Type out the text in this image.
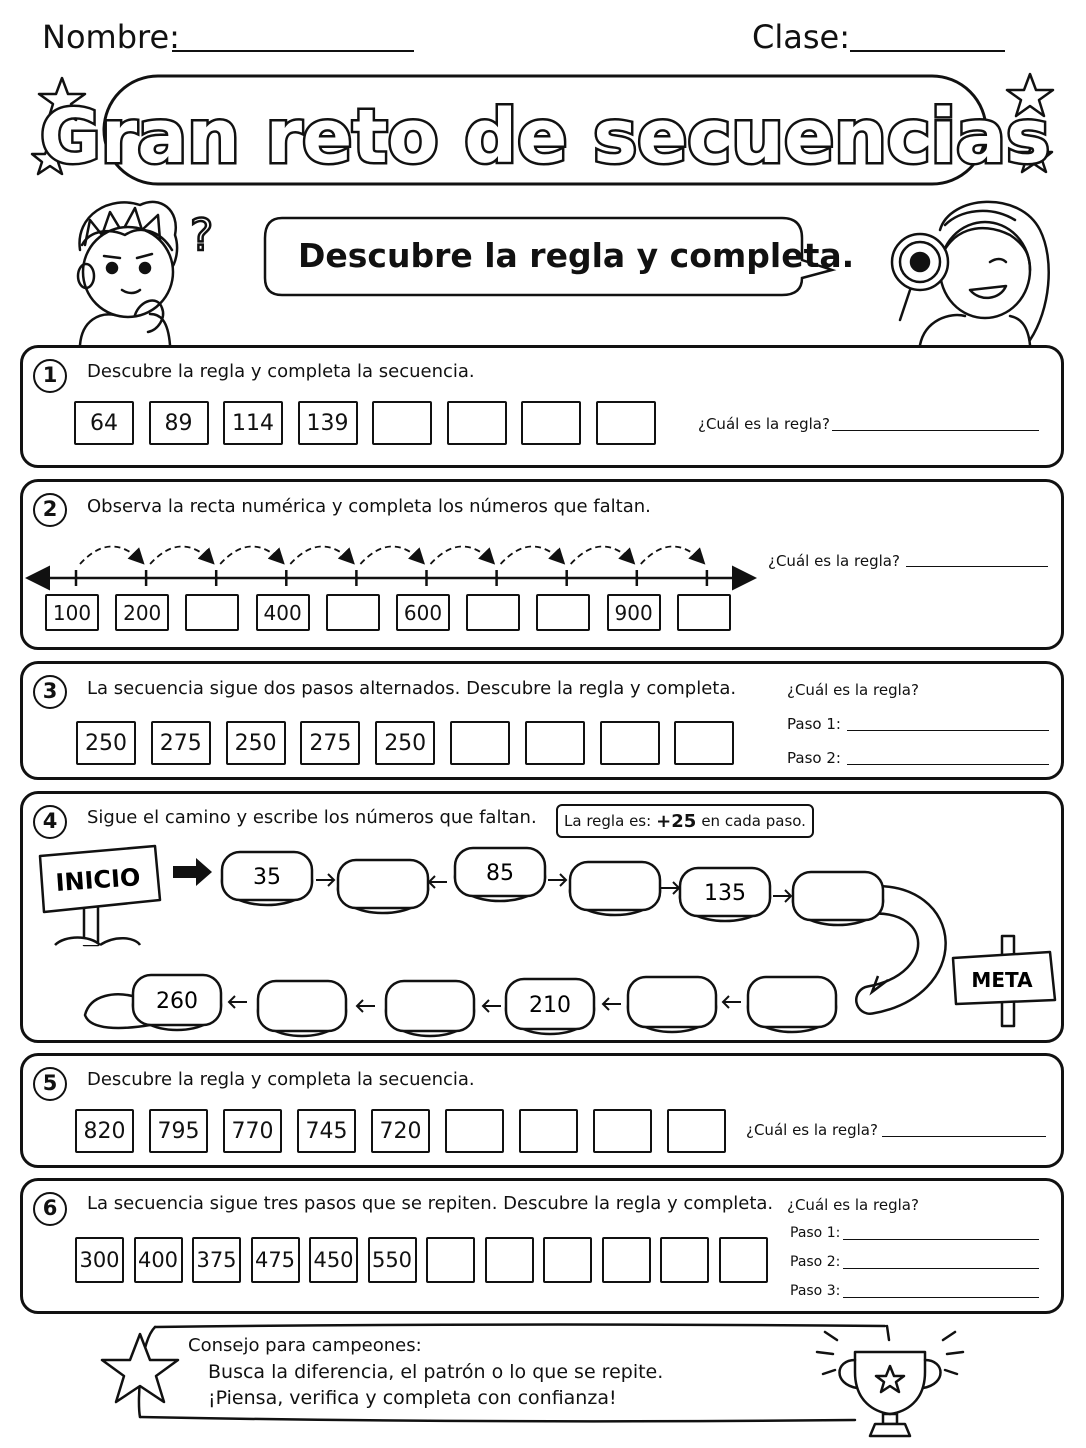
Nombre:	Clase:
Gran reto de secuencias
?	Descubre la regla y completa.
1	Descubre la regla y completa la secuencia.
64	89	114	139	¿Cuál es la regla?
2	Observa la recta numérica y completa los números que faltan.
100	200	400	600	900
¿Cuál es la regla?
3	La secuencia sigue dos pasos alternados. Descubre la regla y completa.
250	275	250	275	250
¿Cuál es la regla?
Paso 1:
Paso 2:
4	Sigue el camino y escribe los números que faltan. La regla es: +25 en cada paso.
INICIO
META
35	85
135
260	210
5	Descubre la regla y completa la secuencia.
820	795	770	745	720	¿Cuál es la regla?
6	La secuencia sigue tres pasos que se repiten. Descubre la regla y completa.
300 400 375 475 450 550
¿Cuál es la regla?
Paso 1:
Paso 2:
Paso 3:
Consejo para campeones:
Busca la diferencia, el patrón o lo que se repite.
¡Piensa, verifica y completa con confianza!
